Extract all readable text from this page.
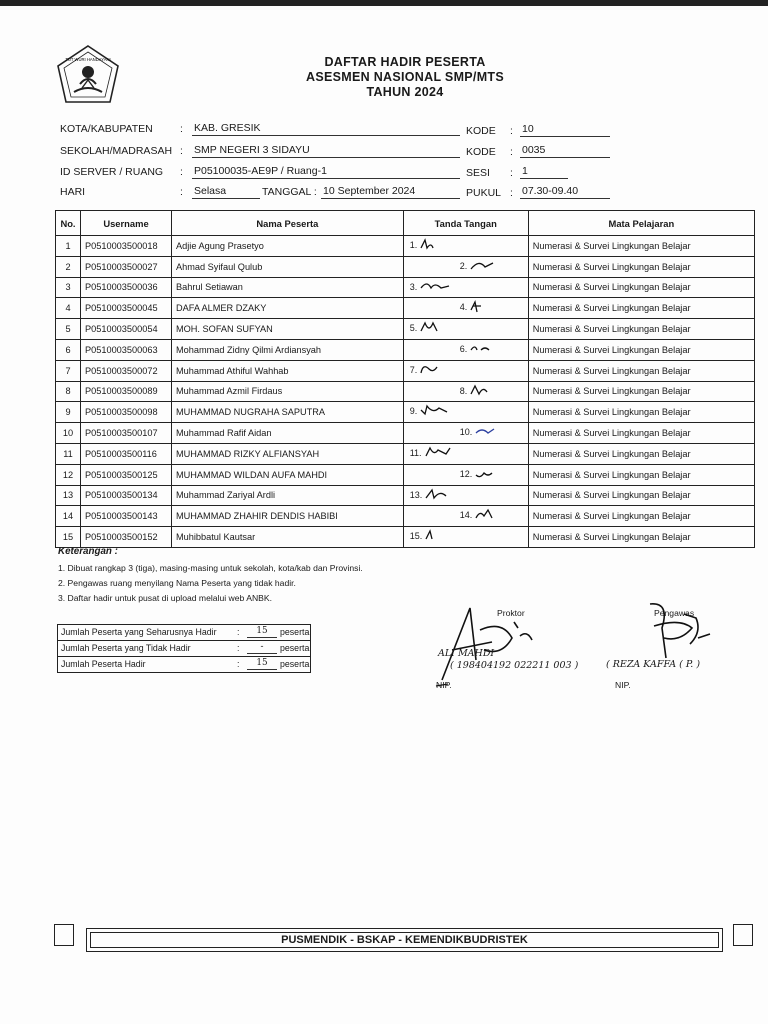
TUT WURI HANDAYANI	DAFTAR HADIR PESERTA
ASESMEN NASIONAL SMP/MTS
TAHUN 2024
KOTA/KABUPATEN	: KAB. GRESIK
SEKOLAH/MADRASAH : SMP NEGERI 3 SIDAYU
ID SERVER / RUANG : P05100035-AE9P / Ruang-1
HARI	: Selasa	TANGGAL : 10 September 2024
KODE : 10
KODE : 0035
SESI : 1
PUKUL : 07.30-09.40
No.	Username	Nama Peserta	Tanda Tangan	Mata Pelajaran
1	P0510003500018	Adjie Agung Prasetyo	1.	Numerasi & Survei Lingkungan Belajar
2	P0510003500027	Ahmad Syifaul Qulub	2.	Numerasi & Survei Lingkungan Belajar
3	P0510003500036	Bahrul Setiawan	3.	Numerasi & Survei Lingkungan Belajar
4	P0510003500045	DAFA ALMER DZAKY	4.	Numerasi & Survei Lingkungan Belajar
5	P0510003500054	MOH. SOFAN SUFYAN	5.	Numerasi & Survei Lingkungan Belajar
6	P0510003500063	Mohammad Zidny Qilmi Ardiansyah	6.	Numerasi & Survei Lingkungan Belajar
7	P0510003500072	Muhammad Athiful Wahhab	7.	Numerasi & Survei Lingkungan Belajar
8	P0510003500089	Muhammad Azmil Firdaus	8.	Numerasi & Survei Lingkungan Belajar
9	P0510003500098	MUHAMMAD NUGRAHA SAPUTRA	9.	Numerasi & Survei Lingkungan Belajar
10	P0510003500107	Muhammad Rafif Aidan	10.	Numerasi & Survei Lingkungan Belajar
11	P0510003500116	MUHAMMAD RIZKY ALFIANSYAH	11.	Numerasi & Survei Lingkungan Belajar
12	P0510003500125	MUHAMMAD WILDAN AUFA MAHDI	12.	Numerasi & Survei Lingkungan Belajar
13	P0510003500134	Muhammad Zariyal Ardli	13.	Numerasi & Survei Lingkungan Belajar
14	P0510003500143	MUHAMMAD ZHAHIR DENDIS HABIBI	14.	Numerasi & Survei Lingkungan Belajar
15	P0510003500152	Muhibbatul Kautsar	15.	Numerasi & Survei Lingkungan Belajar
Keterangan :
1. Dibuat rangkap 3 (tiga), masing-masing untuk sekolah, kota/kab dan Provinsi.
2. Pengawas ruang menyilang Nama Peserta yang tidak hadir.
3. Daftar hadir untuk pusat di upload melalui web ANBK.
Jumlah Peserta yang Seharusnya Hadir	:	15	peserta
Jumlah Peserta yang Tidak Hadir	:	-	peserta
Jumlah Peserta Hadir	:	15	peserta
Proktor
ALI MAHDI
( 198404192 022211 003 )
NIP.
Pengawas
( REZA KAFFA ( P. )
NIP.
PUSMENDIK - BSKAP - KEMENDIKBUDRISTEK
